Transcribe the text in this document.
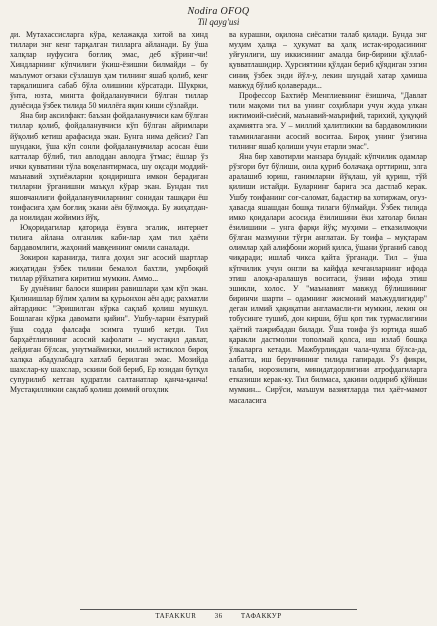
Nodira OFOQ
Til qayg'usi

ди. Мутахассисларга кўра, келажакда хитой ва хинд тиллари энг кенг тарқалган тилларга айланади. Бу ўша халқлар нуфусига боғлиқ эмас, деб кўринг-чи! Хиндларнинг кўпчилиги ўкиш-ёзишни билмайди – бу маълумот оғзаки сўзлашув ҳам тилнинг яшаб қолиб, кенг тарқалишига сабаб бўла олишини кўрсатади. Шукрки, ўнта, юзта, мингта фойдаланувчиси бўлган тиллар дунёсида ўзбек тилида 50 миллёга яқин киши сўзлайди.

Яна бир аксилфакт: баъзан фойдаланувчиси кам бўлган тиллар қолиб, фойдаланувчиси кўп бўлган айримлари йўқолиб кетиш арафасида экан. Бунга нима дейсиз? Гап шундаки, ўша кўп сонли фойдаланувчилар асосан ёши катталар бўлиб, тил авлоддан авлодга ўтмас; ёшлар ўз ички қувватини тўла воқелантирмаса, шу оқсади моддий-маънавий эҳтиёжларни қондиришга имкон берадиган тилларни ўрганишни маъқул кўрар экан. Бундан тил яшовчанлиги фойдаланувчиларнинг сонидан ташқари ёш тоифасига ҳам боғлиқ экани аён бўлмоқда. Бу жиҳатдан-да ноилидан жойимиз йўқ.

Юқоридагилар қаторида ёзувга эгалик, интернет тилига айлана олганлик каби-лар ҳам тил ҳаёти бардавомлиги, жаҳоний мавқеининг омили саналади.

Зокирон каранигда, тилга доҳил энг асосий шартлар жиҳатидан ўзбек тилини бемалол бахтли, умрбоқий тиллар рўйхатига киритиш мумкин. Аммо...

Бу дунёнинг балоси яширин равишлари ҳам кўп экан. Қилинишлар бўлим ҳалим ва қурьонхон аён ади; рахматли айтардики: "Эришилган кўрка сақлаб қолиш мушкул. Бошлаган кўрка давомати қийин". Ушбу-ларни ёзатурий ўша содда фалсафа эсимга тушиб кетди. Тил барҳаётлигининг асосий кафолати – мустақил давлат, дейдиган бўлсак, унутмаймизки, миллий истиклол бироқ халқка абадулабадга хатлаб берилган эмас. Мозийда шахслар-ку шахслар, эскини бой бериб, Ер юзидан бутқул супурилиб кетган қудратли салтанатлар қанча-қанча! Мустақилликни сақлаб қолиш доимий огоҳлик

ва курашни, оқилона сиёсатни талаб қилади. Бунда энг муҳим ҳалқа – ҳукумат ва ҳалқ истак-иродасининг уйғунлиги, шу иккисининг амалда бир-бирини қўллаб-қувватлашидир. Ҳурсиятини қўлдан бериб қўядиган эзгин синиқ ўзбек энди йўл-у, лекин шундай хатар ҳамиша мавжуд бўлиб қолаверади...

Профессор Бахтиёр Менглиевнинг ёзишича, "Давлат тили мақоми тил ва унинг соҳиблари учун жуда улкан ижтимоий-сиёсий, маънавий-маърифий, тарихий, ҳуқуқий аҳамиятга эга. У – миллий ҳалитликни ва бардавомликни таъминлаганни асосий воситаа. Бироқ унинг ўзигина тилнинг яшаб қолиши учун етарли эмас".

Яна бир хавотирли манзара бундай: кўпчилик одамлар рўзгори бут бўлиши, оила қуриб болачақа орттириш, элга аралашиб юриш, ғанимларни йўқлаш, уй қуриш, тўй қилиши истайди. Буларнинг барига эса дастлаб керак. Ушбу тоифанинг соғ-саломат, бадастир ва хотиржам, оғуз-ҳавасда яшашдан бошқа тилаги бўлмайди. Ўзбек тилида имко қоидалари асосида ёзилишини ёки хатолар билан ёзилишини – унга фарқи йўқ; муҳими – етказилмоқчи бўлган мазмунни тўғри англатаи. Бу тоифа – муқтарам олимлар ҳай алифбони жорий қилса, ўшани ўрганиб савод чиқаради; ишлаб чикса қайта ўрганади. Тил – ўша кўпчилик учун онгли ва кайфда кечганларнинг ифода этиш алоқа-аралашув воситаси, ўзини ифода этиш эшикли, холос. У "маънавият мавжуд бўлишининг биринчи шарти – одамнинг жисмоний маъжудлигидир" деган илмий ҳақиқатни англамасли-ги мумкин, лекин он тобусинге тушиб, дон кирши, бўш қоп тик турмаслигини ҳаётий тажрибадан билади. Ўша тоифа ўз юртида яшаб қаракли дастмолни тополмай қолса, иш излаб бошқа ўлкаларга кетади. Мажбурликдан чала-чулпа бўлса-да, албатта, иш берувчининг тилида гапиради. Ўз фикри, талаби, норозилиги, минидатдорлигини атрофдагиларга етказиши керак-ку. Тил билмаса, ҳакини олдириб қўйиши мумкин... Сирўси, маъшум вазиятларда тил ҳаёт-мамот масаласига

TAFAKKUR	36	ТАФАККУР
